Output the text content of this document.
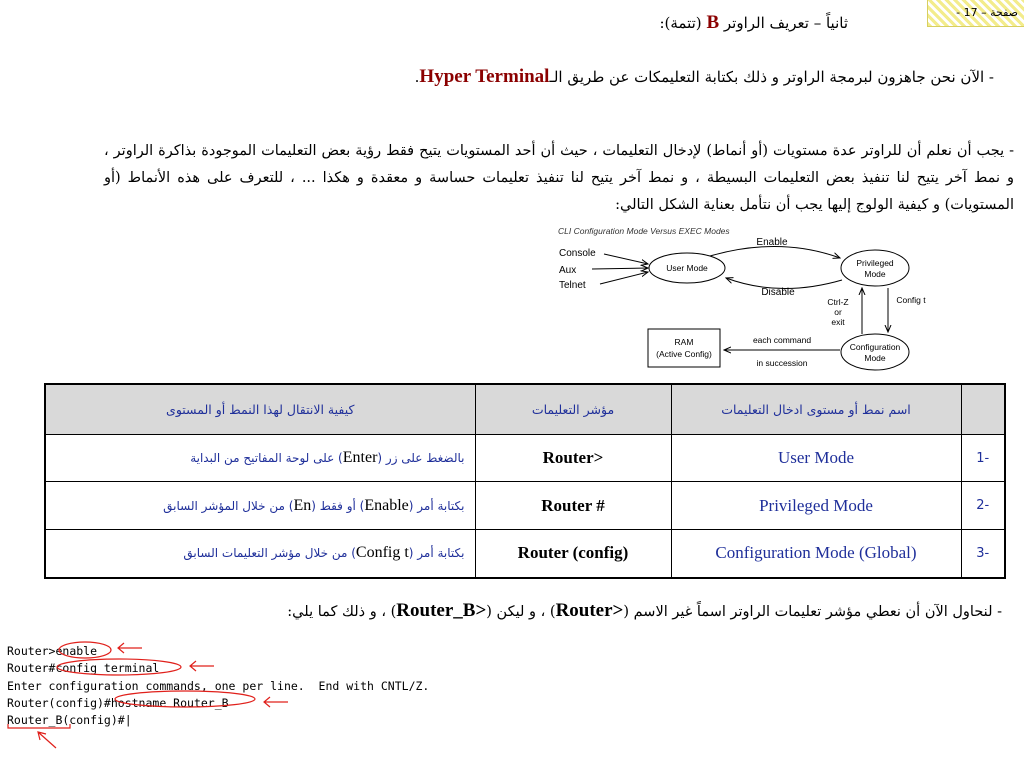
صفحة – 17 -
ثانياً – تعريف الراوتر B (تتمة):
- الآن نحن جاهزون لبرمجة الراوتر و ذلك بكتابة التعليمكات عن طريق الـHyper Terminal.
- يجب أن نعلم أن للراوتر عدة مستويات (أو أنماط) لإدخال التعليمات ، حيث أن أحد المستويات يتيح فقط رؤية بعض التعليمات الموجودة بذاكرة الراوتر ، و نمط آخر يتيح لنا تنفيذ بعض التعليمات البسيطة ، و نمط آخر يتيح لنا تنفيذ تعليمات حساسة و معقدة و هكذا ... ، للتعرف على هذه الأنماط (أو المستويات) و كيفية الولوج إليها يجب أن نتأمل بعناية الشكل التالي:
CLI Configuration Mode Versus EXEC Modes
Console
Aux
Telnet
User Mode	Privileged
Mode
Configuration
Mode
RAM
(Active Config)
Enable
Disable
Ctrl-Z
or
exit
Config t
each command
in succession
	اسم نمط أو مستوى ادخال التعليمات	مؤشر التعليمات	كيفية الانتقال لهذا النمط أو المستوى
-1	User Mode	Router>	بالضغط على زر (Enter) على لوحة المفاتيح من البداية
-2	Privileged Mode	Router #	بكتابة أمر (Enable) أو فقط (En) من خلال المؤشر السابق
-3	Configuration Mode (Global)	Router (config)	بكتابة أمر (Config t) من خلال مؤشر التعليمات السابق
- لنحاول الآن أن نعطي مؤشر تعليمات الراوتر اسماً غير الاسم (Router>) ، و ليكن (Router_B>) ، و ذلك كما يلي:
Router>enable
Router#config terminal
Enter configuration commands, one per line.  End with CNTL/Z.
Router(config)#hostname Router_B
Router_B(config)#|
